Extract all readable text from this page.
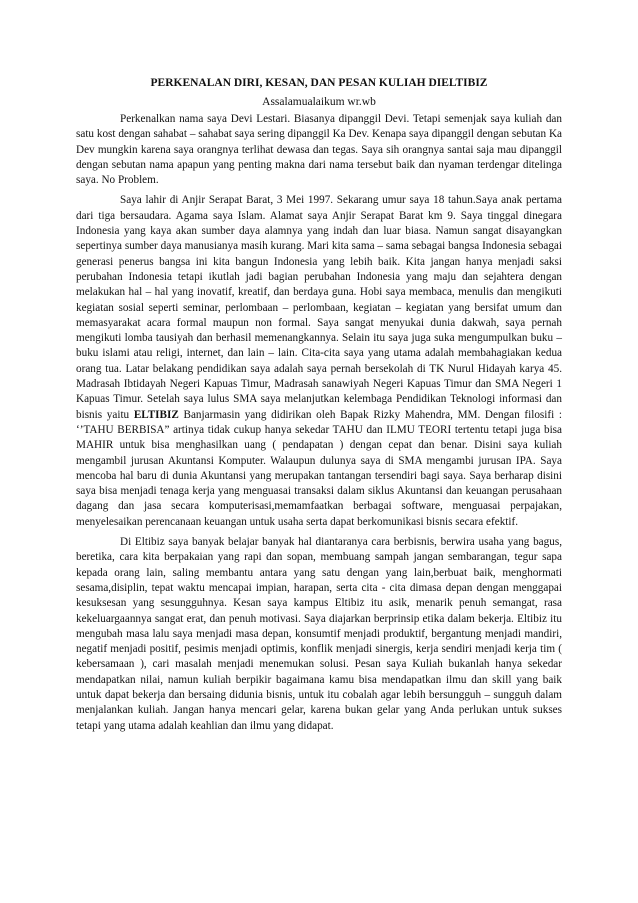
PERKENALAN DIRI, KESAN, DAN PESAN KULIAH DIELTIBIZ
Assalamualaikum wr.wb

Perkenalkan nama saya Devi Lestari. Biasanya dipanggil Devi. Tetapi semenjak saya kuliah dan satu kost dengan sahabat – sahabat saya sering dipanggil Ka Dev. Kenapa saya dipanggil dengan sebutan Ka Dev mungkin karena saya orangnya terlihat dewasa dan tegas. Saya sih orangnya santai saja mau dipanggil dengan sebutan nama apapun yang penting makna dari nama tersebut baik dan nyaman terdengar ditelinga saya. No Problem.

Saya lahir di Anjir Serapat Barat, 3 Mei 1997. Sekarang umur saya 18 tahun.Saya anak pertama dari tiga bersaudara. Agama saya Islam. Alamat saya Anjir Serapat Barat km 9. Saya tinggal dinegara Indonesia yang kaya akan sumber daya alamnya yang indah dan luar biasa. Namun sangat disayangkan sepertinya sumber daya manusianya masih kurang. Mari kita sama – sama sebagai bangsa Indonesia sebagai generasi penerus bangsa ini kita bangun Indonesia yang lebih baik. Kita jangan hanya menjadi saksi perubahan Indonesia tetapi ikutlah jadi bagian perubahan Indonesia yang maju dan sejahtera dengan melakukan hal – hal yang inovatif, kreatif, dan berdaya guna. Hobi saya membaca, menulis dan mengikuti kegiatan sosial seperti seminar, perlombaan – perlombaan, kegiatan – kegiatan yang bersifat umum dan memasyarakat acara formal maupun non formal. Saya sangat menyukai dunia dakwah, saya pernah mengikuti lomba tausiyah dan berhasil memenangkannya. Selain itu saya juga suka mengumpulkan buku – buku islami atau religi, internet, dan lain – lain. Cita-cita saya yang utama adalah membahagiakan kedua orang tua. Latar belakang pendidikan saya adalah saya pernah bersekolah di TK Nurul Hidayah karya 45. Madrasah Ibtidayah Negeri Kapuas Timur, Madrasah sanawiyah Negeri Kapuas Timur dan SMA Negeri 1 Kapuas Timur. Setelah saya lulus SMA saya melanjutkan kelembaga Pendidikan Teknologi informasi dan bisnis yaitu ELTIBIZ Banjarmasin yang didirikan oleh Bapak Rizky Mahendra, MM. Dengan filosifi : ‘’TAHU BERBISA” artinya tidak cukup hanya sekedar TAHU dan ILMU TEORI tertentu tetapi juga bisa MAHIR untuk bisa menghasilkan uang ( pendapatan ) dengan cepat dan benar. Disini saya kuliah mengambil jurusan Akuntansi Komputer. Walaupun dulunya saya di SMA mengambi jurusan IPA. Saya mencoba hal baru di dunia Akuntansi yang merupakan tantangan tersendiri bagi saya. Saya berharap disini saya bisa menjadi tenaga kerja yang menguasai transaksi dalam siklus Akuntansi dan keuangan perusahaan dagang dan jasa secara komputerisasi,memamfaatkan berbagai software, menguasai perpajakan, menyelesaikan perencanaan keuangan untuk usaha serta dapat berkomunikasi bisnis secara efektif.

Di Eltibiz saya banyak belajar banyak hal diantaranya cara berbisnis, berwira usaha yang bagus, beretika, cara kita berpakaian yang rapi dan sopan, membuang sampah jangan sembarangan, tegur sapa kepada orang lain, saling membantu antara yang satu dengan yang lain,berbuat baik, menghormati sesama,disiplin, tepat waktu mencapai impian, harapan, serta cita - cita dimasa depan dengan menggapai kesuksesan yang sesungguhnya. Kesan saya kampus Eltibiz itu asik, menarik penuh semangat, rasa kekeluargaannya sangat erat, dan penuh motivasi. Saya diajarkan berprinsip etika dalam bekerja. Eltibiz itu mengubah masa lalu saya menjadi masa depan, konsumtif menjadi produktif, bergantung menjadi mandiri, negatif menjadi positif, pesimis menjadi optimis, konflik menjadi sinergis, kerja sendiri menjadi kerja tim ( kebersamaan ), cari masalah menjadi menemukan solusi. Pesan saya Kuliah bukanlah hanya sekedar mendapatkan nilai, namun kuliah berpikir bagaimana kamu bisa mendapatkan ilmu dan skill yang baik untuk dapat bekerja dan bersaing didunia bisnis, untuk itu cobalah agar lebih bersungguh – sungguh dalam menjalankan kuliah. Jangan hanya mencari gelar, karena bukan gelar yang Anda perlukan untuk sukses tetapi yang utama adalah keahlian dan ilmu yang didapat.
